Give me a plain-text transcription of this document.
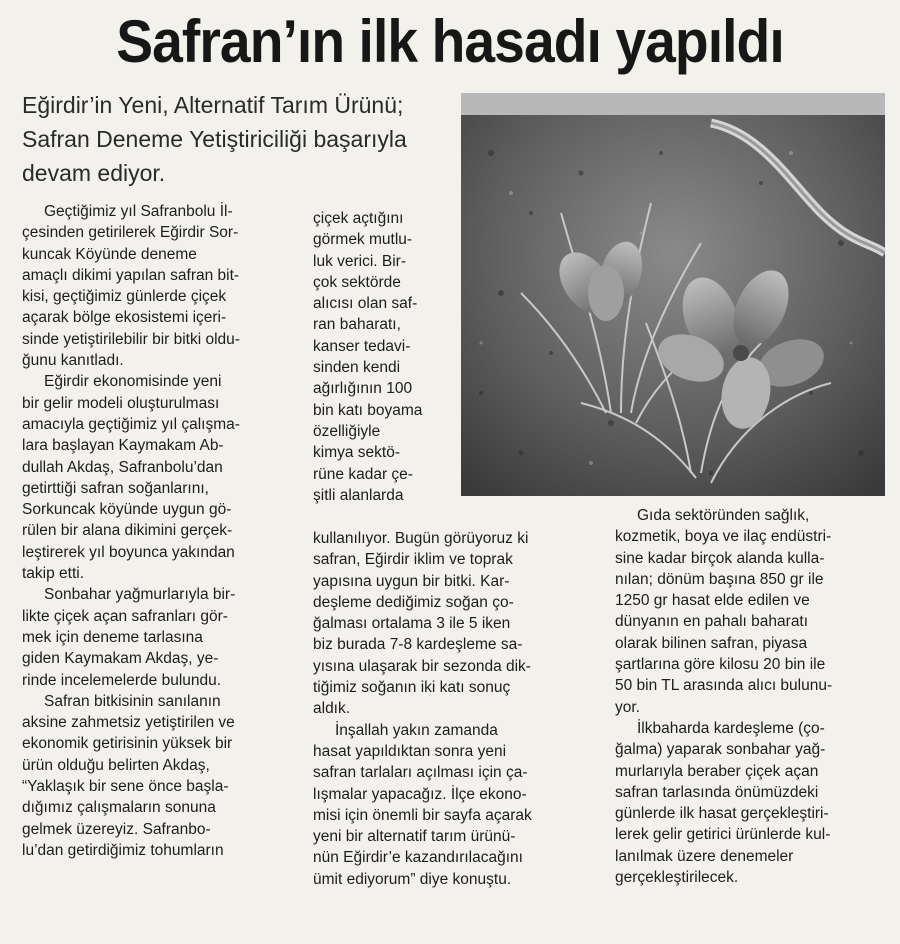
Safran’ın ilk hasadı yapıldı
Eğirdir’in Yeni, Alternatif Tarım Ürünü; Safran Deneme Yetiştiriciliği başarıyla devam ediyor.

Geçtiğimiz yıl Safranbolu İl-
çesinden getirilerek Eğirdir Sor-
kuncak Köyünde deneme
amaçlı dikimi yapılan safran bit-
kisi, geçtiğimiz günlerde çiçek
açarak bölge ekosistemi içeri-
sinde yetiştirilebilir bir bitki oldu-
ğunu kanıtladı.

Eğirdir ekonomisinde yeni
bir gelir modeli oluşturulması
amacıyla geçtiğimiz yıl çalışma-
lara başlayan Kaymakam Ab-
dullah Akdaş, Safranbolu’dan
getirttiği safran soğanlarını,
Sorkuncak köyünde uygun gö-
rülen bir alana dikimini gerçek-
leştirerek yıl boyunca yakından
takip etti.

Sonbahar yağmurlarıyla bir-
likte çiçek açan safranları gör-
mek için deneme tarlasına
giden Kaymakam Akdaş, ye-
rinde incelemelerde bulundu.

Safran bitkisinin sanılanın
aksine zahmetsiz yetiştirilen ve
ekonomik getirisinin yüksek bir
ürün olduğu belirten Akdaş,
“Yaklaşık bir sene önce başla-
dığımız çalışmaların sonuna
gelmek üzereyiz. Safranbo-
lu’dan getirdiğimiz tohumların

çiçek açtığını
görmek mutlu-
luk verici. Bir-
çok sektörde
alıcısı olan saf-
ran baharatı,
kanser tedavi-
sinden kendi
ağırlığının 100
bin katı boyama
özelliğiyle
kimya sektö-
rüne kadar çe-
şitli alanlarda

kullanılıyor. Bugün görüyoruz ki
safran, Eğirdir iklim ve toprak
yapısına uygun bir bitki. Kar-
deşleme dediğimiz soğan ço-
ğalması ortalama 3 ile 5 iken
biz burada 7-8 kardeşleme sa-
yısına ulaşarak bir sezonda dik-
tiğimiz soğanın iki katı sonuç
aldık.

İnşallah yakın zamanda
hasat yapıldıktan sonra yeni
safran tarlaları açılması için ça-
lışmalar yapacağız. İlçe ekono-
misi için önemli bir sayfa açarak
yeni bir alternatif tarım ürünü-
nün Eğirdir’e kazandırılacağını
ümit ediyorum” diye konuştu.

Gıda sektöründen sağlık,
kozmetik, boya ve ilaç endüstri-
sine kadar birçok alanda kulla-
nılan; dönüm başına 850 gr ile
1250 gr hasat elde edilen ve
dünyanın en pahalı baharatı
olarak bilinen safran, piyasa
şartlarına göre kilosu 20 bin ile
50 bin TL arasında alıcı bulunu-
yor.

İlkbaharda kardeşleme (ço-
ğalma) yaparak sonbahar yağ-
murlarıyla beraber çiçek açan
safran tarlasında önümüzdeki
günlerde ilk hasat gerçekleştiri-
lerek gelir getirici ürünlerde kul-
lanılmak üzere denemeler
gerçekleştirilecek.
